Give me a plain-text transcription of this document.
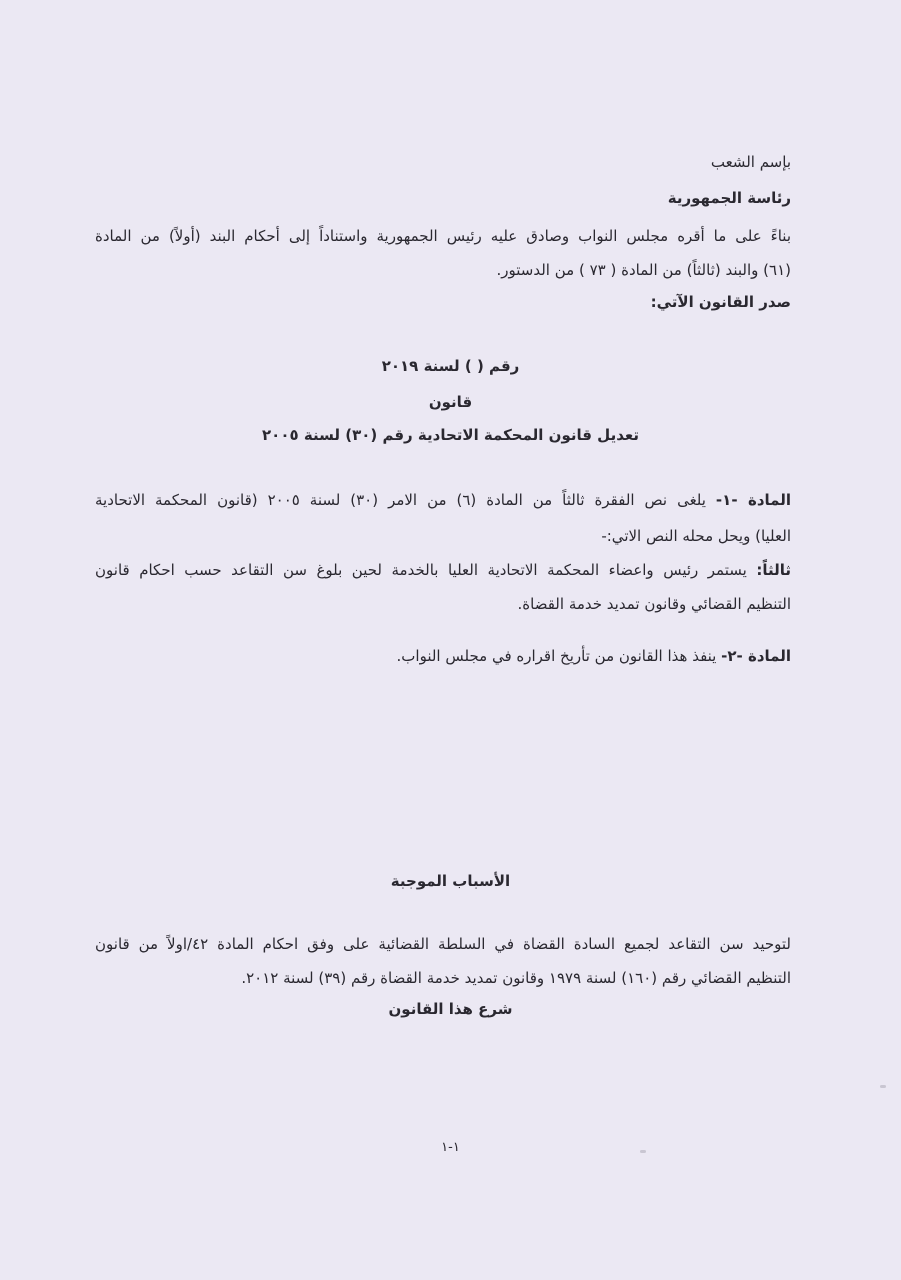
بإسم الشعب
رئاسة الجمهورية
بناءً على ما أقره مجلس النواب وصادق عليه رئيس الجمهورية واستناداً إلى أحكام البند (أولاً) من المادة
(٦١) والبند (ثالثاً) من المادة ( ٧٣ ) من الدستور.
صدر القانون الآتي:
رقم ( ) لسنة ٢٠١٩
قانون
تعديل قانون المحكمة الاتحادية رقم (٣٠) لسنة ٢٠٠٥
المادة -١- يلغى نص الفقرة ثالثاً من المادة (٦) من الامر (٣٠) لسنة ٢٠٠٥ (قانون المحكمة الاتحادية
العليا) ويحل محله النص الاتي:-
ثالثاً: يستمر رئيس واعضاء المحكمة الاتحادية العليا بالخدمة لحين بلوغ سن التقاعد حسب احكام قانون
التنظيم القضائي وقانون تمديد خدمة القضاة.
المادة -٢- ينفذ هذا القانون من تأريخ اقراره في مجلس النواب.
الأسباب الموجبة
لتوحيد سن التقاعد لجميع السادة القضاة في السلطة القضائية على وفق احكام المادة ٤٢/اولاً من قانون
التنظيم القضائي رقم (١٦٠) لسنة ١٩٧٩ وقانون تمديد خدمة القضاة رقم (٣٩) لسنة ٢٠١٢.
شرع هذا القانون
١-١
